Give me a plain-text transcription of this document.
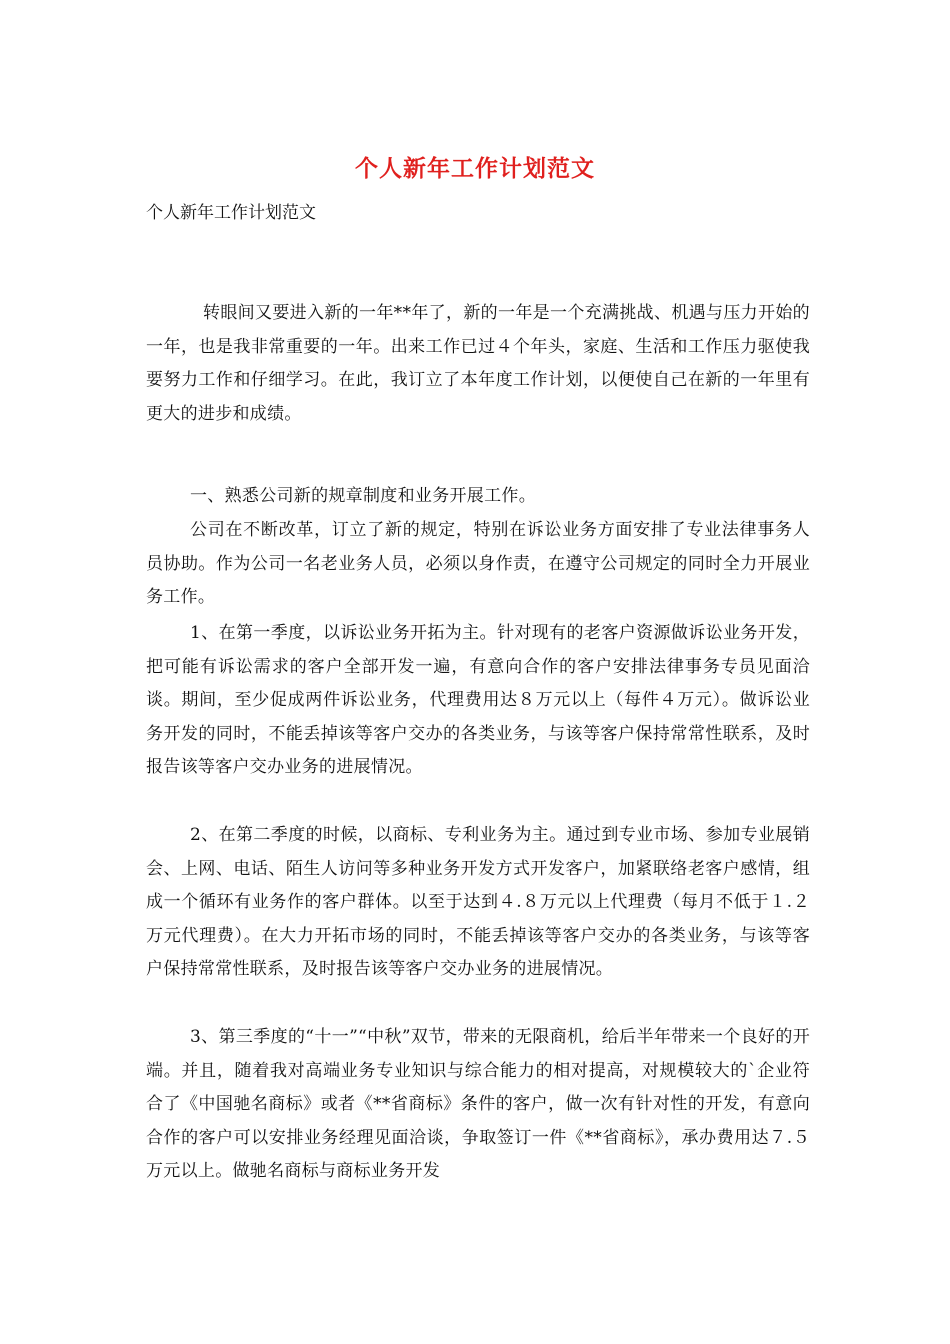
个人新年工作计划范文
个人新年工作计划范文
转眼间又要进入新的一年**年了，新的一年是一个充满挑战、机遇与压力开始的一年，也是我非常重要的一年。出来工作已过４个年头，家庭、生活和工作压力驱使我要努力工作和仔细学习。在此，我订立了本年度工作计划，以便使自己在新的一年里有更大的进步和成绩。
一、熟悉公司新的规章制度和业务开展工作。
公司在不断改革，订立了新的规定，特别在诉讼业务方面安排了专业法律事务人员协助。作为公司一名老业务人员，必须以身作责，在遵守公司规定的同时全力开展业务工作。
1、在第一季度，以诉讼业务开拓为主。针对现有的老客户资源做诉讼业务开发，把可能有诉讼需求的客户全部开发一遍，有意向合作的客户安排法律事务专员见面洽谈。期间，至少促成两件诉讼业务，代理费用达８万元以上（每件４万元）。做诉讼业务开发的同时，不能丢掉该等客户交办的各类业务，与该等客户保持常常性联系，及时报告该等客户交办业务的进展情况。
2、在第二季度的时候，以商标、专利业务为主。通过到专业市场、参加专业展销会、上网、电话、陌生人访问等多种业务开发方式开发客户，加紧联络老客户感情，组成一个循环有业务作的客户群体。以至于达到４.８万元以上代理费（每月不低于１.２万元代理费）。在大力开拓市场的同时，不能丢掉该等客户交办的各类业务，与该等客户保持常常性联系，及时报告该等客户交办业务的进展情况。
3、第三季度的“十一”“中秋”双节，带来的无限商机，给后半年带来一个良好的开端。并且，随着我对高端业务专业知识与综合能力的相对提高，对规模较大的`企业符合了《中国驰名商标》或者《**省商标》条件的客户，做一次有针对性的开发，有意向合作的客户可以安排业务经理见面洽谈，争取签订一件《**省商标》，承办费用达７.５万元以上。做驰名商标与商标业务开发
